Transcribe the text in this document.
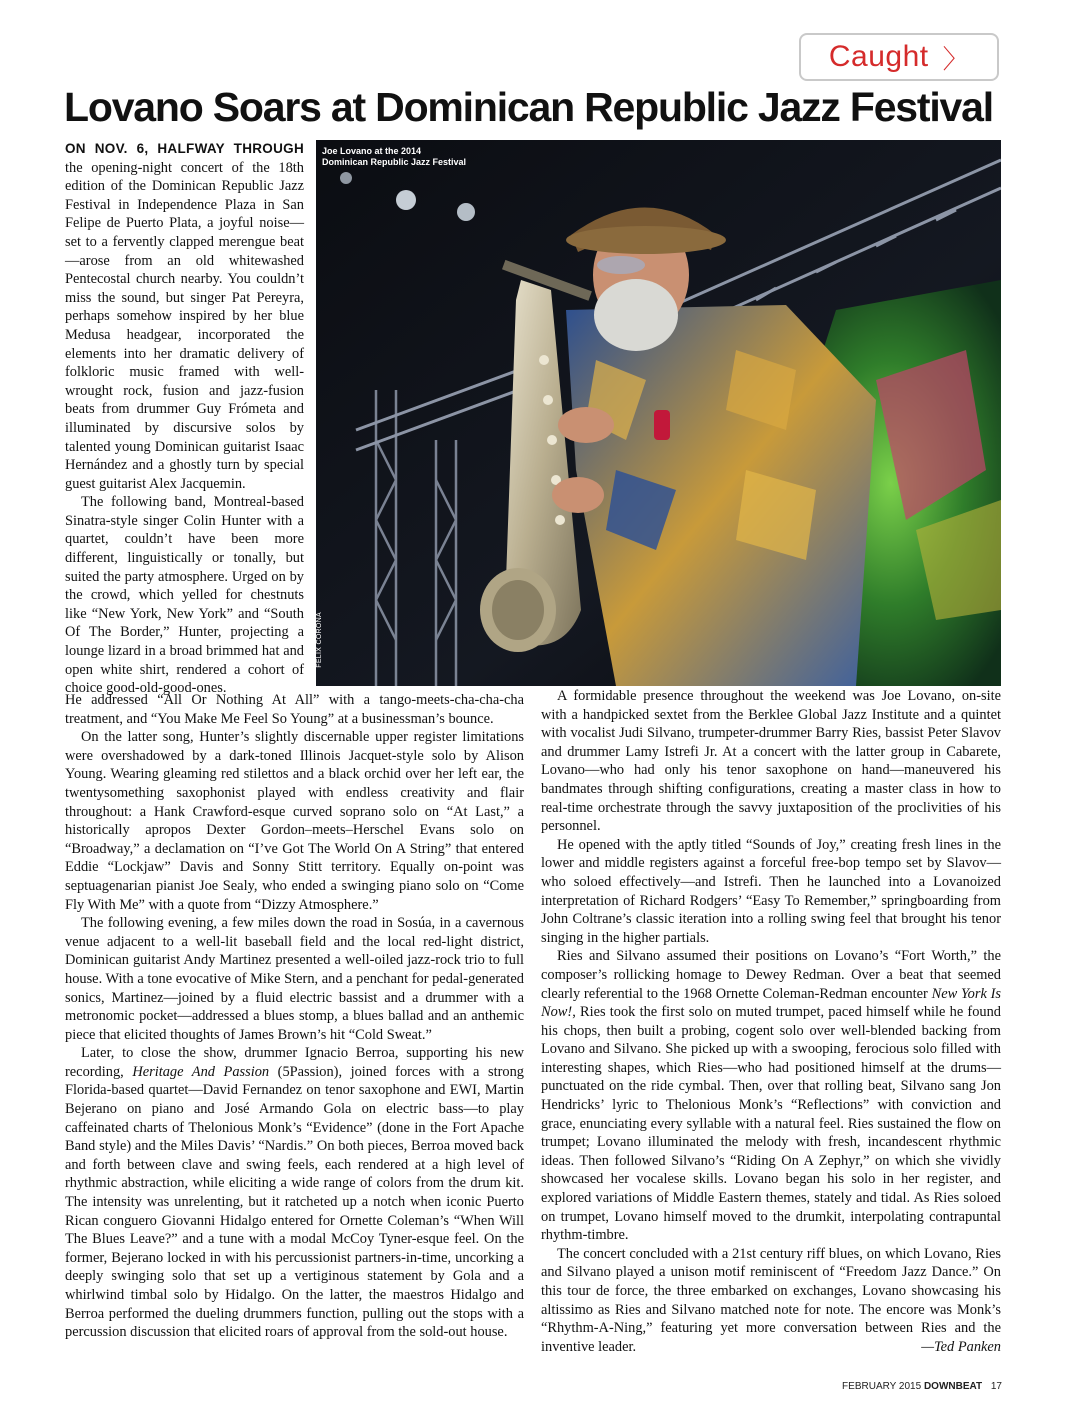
Caught 〉
Lovano Soars at Dominican Republic Jazz Festival
Joe Lovano at the 2014
Dominican Republic Jazz Festival
FELIX CORONA

ON NOV. 6, HALFWAY THROUGH the opening-night concert of the 18th edition of the Dominican Republic Jazz Festival in Independence Plaza in San Felipe de Puerto Plata, a joyful noise—set to a fervently clapped merengue beat—arose from an old whitewashed Pentecostal church nearby. You couldn’t miss the sound, but singer Pat Pereyra, perhaps somehow inspired by her blue Medusa headgear, incorporated the elements into her dramatic delivery of folkloric music framed with well-wrought rock, fusion and jazz-fusion beats from drummer Guy Frómeta and illuminated by discursive solos by talented young Dominican guitarist Isaac Hernández and a ghostly turn by special guest guitarist Alex Jacquemin.

The following band, Montreal-based Sinatra-style singer Colin Hunter with a quartet, couldn’t have been more different, linguistically or tonally, but suited the party atmosphere. Urged on by the crowd, which yelled for chestnuts like “New York, New York” and “South Of The Border,” Hunter, projecting a lounge lizard in a broad brimmed hat and open white shirt, rendered a cohort of choice good-old-good-ones.

He addressed “All Or Nothing At All” with a tango-meets-cha-cha-cha treatment, and “You Make Me Feel So Young” at a businessman’s bounce.

On the latter song, Hunter’s slightly discernable upper register limitations were overshadowed by a dark-toned Illinois Jacquet-style solo by Alison Young. Wearing gleaming red stilettos and a black orchid over her left ear, the twentysomething saxophonist played with endless creativity and flair throughout: a Hank Crawford-esque curved soprano solo on “At Last,” a historically apropos Dexter Gordon–meets–Herschel Evans solo on “Broadway,” a declamation on “I’ve Got The World On A String” that entered Eddie “Lockjaw” Davis and Sonny Stitt territory. Equally on-point was septuagenarian pianist Joe Sealy, who ended a swinging piano solo on “Come Fly With Me” with a quote from “Dizzy Atmosphere.”

The following evening, a few miles down the road in Sosúa, in a cavernous venue adjacent to a well-lit baseball field and the local red-light district, Dominican guitarist Andy Martinez presented a well-oiled jazz-rock trio to full house. With a tone evocative of Mike Stern, and a penchant for pedal-generated sonics, Martinez—joined by a fluid electric bassist and a drummer with a metronomic pocket—addressed a blues stomp, a blues ballad and an anthemic piece that elicited thoughts of James Brown’s hit “Cold Sweat.”

Later, to close the show, drummer Ignacio Berroa, supporting his new recording, Heritage And Passion (5Passion), joined forces with a strong Florida-based quartet—David Fernandez on tenor saxophone and EWI, Martin Bejerano on piano and José Armando Gola on electric bass—to play caffeinated charts of Thelonious Monk’s “Evidence” (done in the Fort Apache Band style) and the Miles Davis’ “Nardis.” On both pieces, Berroa moved back and forth between clave and swing feels, each rendered at a high level of rhythmic abstraction, while eliciting a wide range of colors from the drum kit. The intensity was unrelenting, but it ratcheted up a notch when iconic Puerto Rican conguero Giovanni Hidalgo entered for Ornette Coleman’s “When Will The Blues Leave?” and a tune with a modal McCoy Tyner-esque feel. On the former, Bejerano locked in with his percussionist partners-in-time, uncorking a deeply swinging solo that set up a vertiginous statement by Gola and a whirlwind timbal solo by Hidalgo. On the latter, the maestros Hidalgo and Berroa performed the dueling drummers function, pulling out the stops with a percussion discussion that elicited roars of approval from the sold-out house.

A formidable presence throughout the weekend was Joe Lovano, on-site with a handpicked sextet from the Berklee Global Jazz Institute and a quintet with vocalist Judi Silvano, trumpeter-drummer Barry Ries, bassist Peter Slavov and drummer Lamy Istrefi Jr. At a concert with the latter group in Cabarete, Lovano—who had only his tenor saxophone on hand—maneuvered his bandmates through shifting configurations, creating a master class in how to real-time orchestrate through the savvy juxtaposition of the proclivities of his personnel.

He opened with the aptly titled “Sounds of Joy,” creating fresh lines in the lower and middle registers against a forceful free-bop tempo set by Slavov—who soloed effectively—and Istrefi. Then he launched into a Lovanoized interpretation of Richard Rodgers’ “Easy To Remember,” springboarding from John Coltrane’s classic iteration into a rolling swing feel that brought his tenor singing in the higher partials.

Ries and Silvano assumed their positions on Lovano’s “Fort Worth,” the composer’s rollicking homage to Dewey Redman. Over a beat that seemed clearly referential to the 1968 Ornette Coleman-Redman encounter New York Is Now!, Ries took the first solo on muted trumpet, paced himself while he found his chops, then built a probing, cogent solo over well-blended backing from Lovano and Silvano. She picked up with a swooping, ferocious solo filled with interesting shapes, which Ries—who had positioned himself at the drums—punctuated on the ride cymbal. Then, over that rolling beat, Silvano sang Jon Hendricks’ lyric to Thelonious Monk’s “Reflections” with conviction and grace, enunciating every syllable with a natural feel. Ries sustained the flow on trumpet; Lovano illuminated the melody with fresh, incandescent rhythmic ideas. Then followed Silvano’s “Riding On A Zephyr,” on which she vividly showcased her vocalese skills. Lovano began his solo in her register, and explored variations of Middle Eastern themes, stately and tidal. As Ries soloed on trumpet, Lovano himself moved to the drumkit, interpolating contrapuntal rhythm-timbre.

The concert concluded with a 21st century riff blues, on which Lovano, Ries and Silvano played a unison motif reminiscent of “Freedom Jazz Dance.” On this tour de force, the three embarked on exchanges, Lovano showcasing his altissimo as Ries and Silvano matched note for note. The encore was Monk’s “Rhythm-A-Ning,” featuring yet more conversation between Ries and the inventive leader.	—Ted Panken
FEBRUARY 2015 DOWNBEAT 17
